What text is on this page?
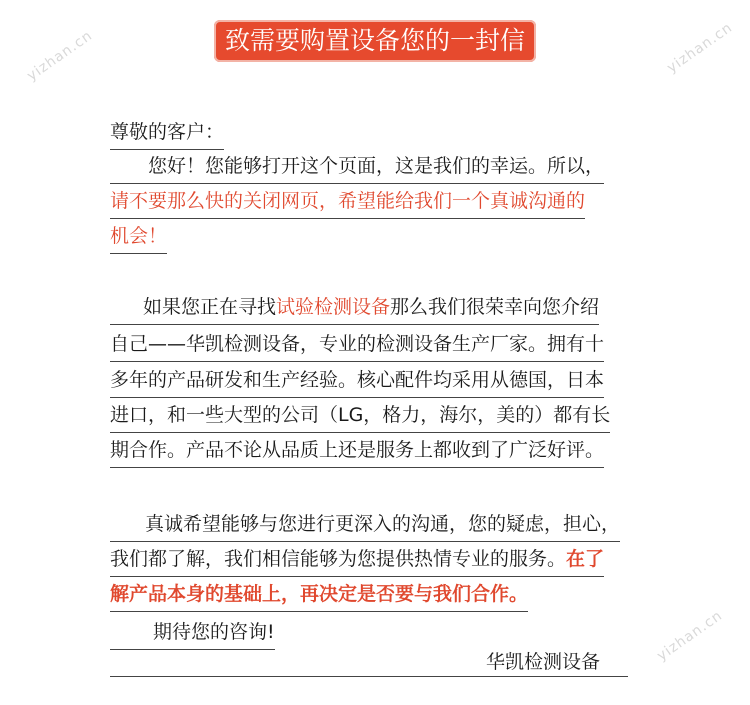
致需要购置设备您的一封信
yizhan.cn	yizhan.cn
yizhan.cn
尊敬的客户：
您好！您能够打开这个页面，这是我们的幸运。所以，
请不要那么快的关闭网页，希望能给我们一个真诚沟通的
机会！
如果您正在寻找试验检测设备那么我们很荣幸向您介绍
自己——华凯检测设备，专业的检测设备生产厂家。拥有十
多年的产品研发和生产经验。核心配件均采用从德国，日本
进口，和一些大型的公司（LG，格力，海尔，美的）都有长
期合作。产品不论从品质上还是服务上都收到了广泛好评。
真诚希望能够与您进行更深入的沟通，您的疑虑，担心，
我们都了解，我们相信能够为您提供热情专业的服务。在了
解产品本身的基础上，再决定是否要与我们合作。
期待您的咨询!
华凯检测设备
